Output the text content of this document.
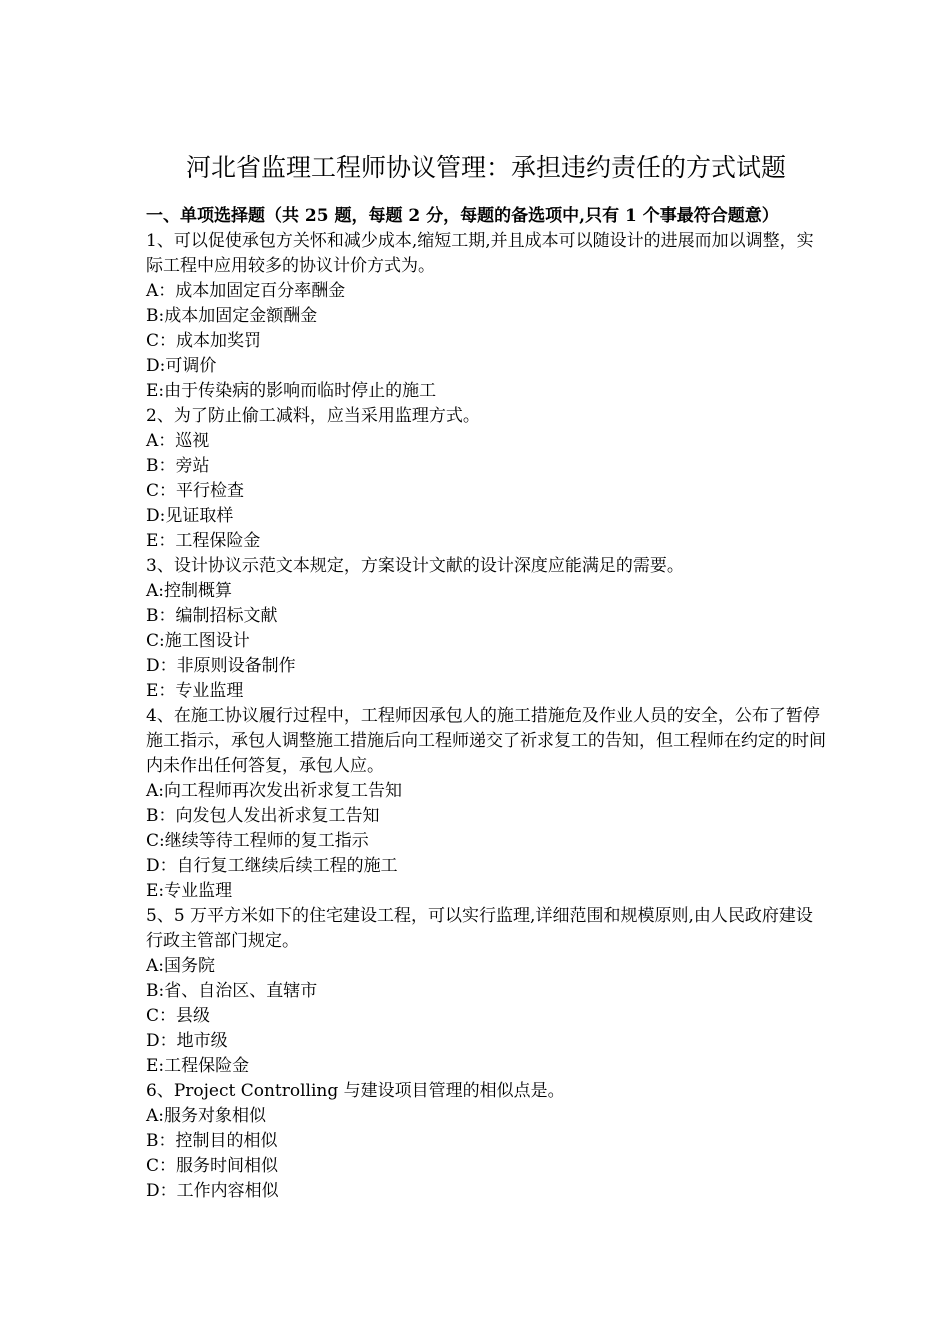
河北省监理工程师协议管理：承担违约责任的方式试题

一、单项选择题（共 25 题，每题 2 分，每题的备选项中,只有 1 个事最符合题意）

1、可以促使承包方关怀和减少成本,缩短工期,并且成本可以随设计的进展而加以调整，实际工程中应用较多的协议计价方式为。

A：成本加固定百分率酬金

B:成本加固定金额酬金

C：成本加奖罚

D:可调价

E:由于传染病的影响而临时停止的施工

2、为了防止偷工减料，应当采用监理方式。

A：巡视

B：旁站

C：平行检查

D:见证取样

E：工程保险金

3、设计协议示范文本规定，方案设计文献的设计深度应能满足的需要。

A:控制概算

B：编制招标文献

C:施工图设计

D：非原则设备制作

E：专业监理

4、在施工协议履行过程中，工程师因承包人的施工措施危及作业人员的安全，公布了暂停施工指示，承包人调整施工措施后向工程师递交了祈求复工的告知，但工程师在约定的时间内未作出任何答复，承包人应。

A:向工程师再次发出祈求复工告知

B：向发包人发出祈求复工告知

C:继续等待工程师的复工指示

D：自行复工继续后续工程的施工

E:专业监理

5、5 万平方米如下的住宅建设工程，可以实行监理,详细范围和规模原则,由人民政府建设行政主管部门规定。

A:国务院

B:省、自治区、直辖市

C：县级

D：地市级

E:工程保险金

6、Project Controlling 与建设项目管理的相似点是。

A:服务对象相似

B：控制目的相似

C：服务时间相似

D：工作内容相似
